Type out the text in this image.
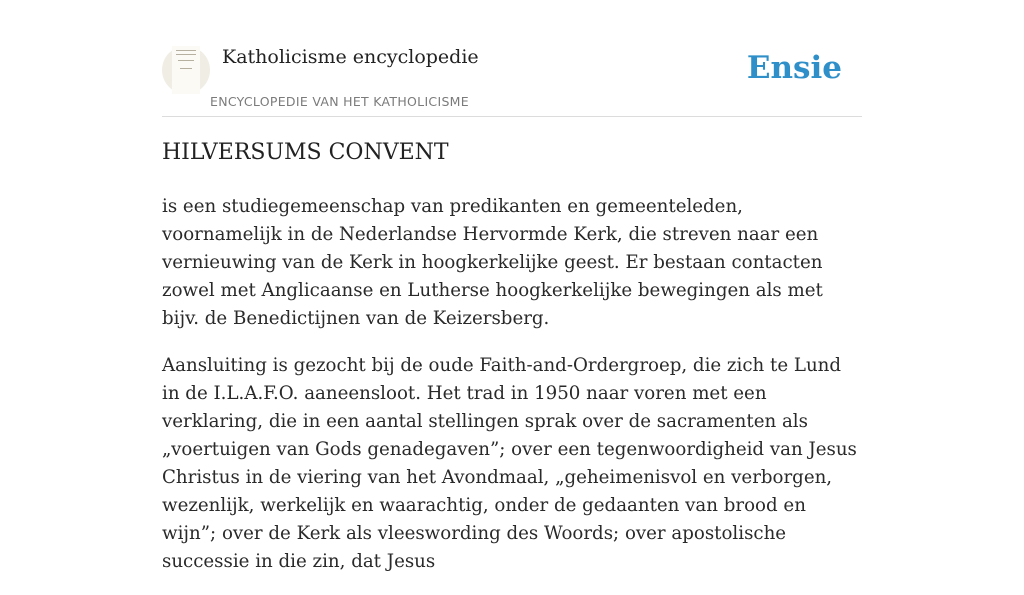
Katholicisme encyclopedie
ENCYCLOPEDIE VAN HET KATHOLICISME
Ensie
HILVERSUMS CONVENT

is een studiegemeenschap van predikanten en gemeenteleden, voornamelijk in de Nederlandse Hervormde Kerk, die streven naar een vernieuwing van de Kerk in hoogkerkelijke geest. Er bestaan contacten zowel met Anglicaanse en Lutherse hoogkerkelijke bewegingen als met bijv. de Benedictijnen van de Keizersberg.

Aansluiting is gezocht bij de oude Faith-and-Ordergroep, die zich te Lund in de I.L.A.F.O. aaneensloot. Het trad in 1950 naar voren met een verklaring, die in een aantal stellingen sprak over de sacramenten als „voertuigen van Gods genadegaven”; over een tegenwoordigheid van Jesus Christus in de viering van het Avondmaal, „geheimenisvol en verborgen, wezenlijk, werkelijk en waarachtig, onder de gedaanten van brood en wijn”; over de Kerk als vleeswording des Woords; over apostolische successie in die zin, dat Jesus
